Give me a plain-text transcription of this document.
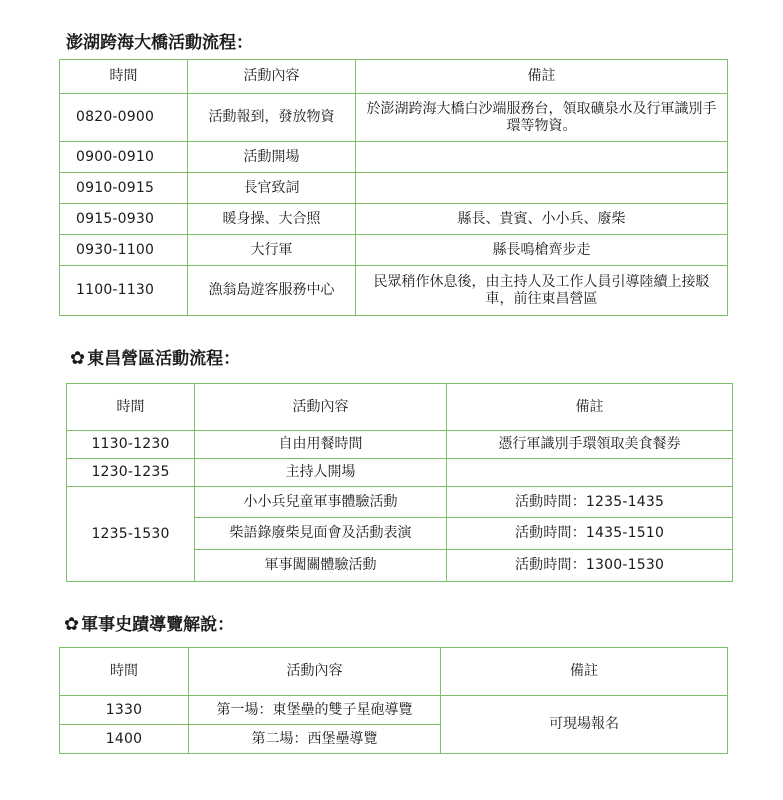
澎湖跨海大橋活動流程：
時間	活動內容	備註
0820-0900	活動報到，發放物資	於澎湖跨海大橋白沙端服務台，領取礦泉水及行軍識別手環等物資。
0900-0910	活動開場	
0910-0915	長官致詞	
0915-0930	暖身操、大合照	縣長、貴賓、小小兵、廢柴
0930-1100	大行軍	縣長鳴槍齊步走
1100-1130	漁翁島遊客服務中心	民眾稍作休息後，由主持人及工作人員引導陸續上接駁車，前往東昌營區
✿ 東昌營區活動流程：
時間	活動內容	備註
1130-1230	自由用餐時間	憑行軍識別手環領取美食餐券
1230-1235	主持人開場	
1235-1530	小小兵兒童軍事體驗活動	活動時間：1235-1435
	柴語錄廢柴見面會及活動表演	活動時間：1435-1510
	軍事闖關體驗活動	活動時間：1300-1530
✿ 軍事史蹟導覽解說：
時間	活動內容	備註
1330	第一場：東堡壘的雙子星砲導覽	可現場報名
1400	第二場：西堡壘導覽	
